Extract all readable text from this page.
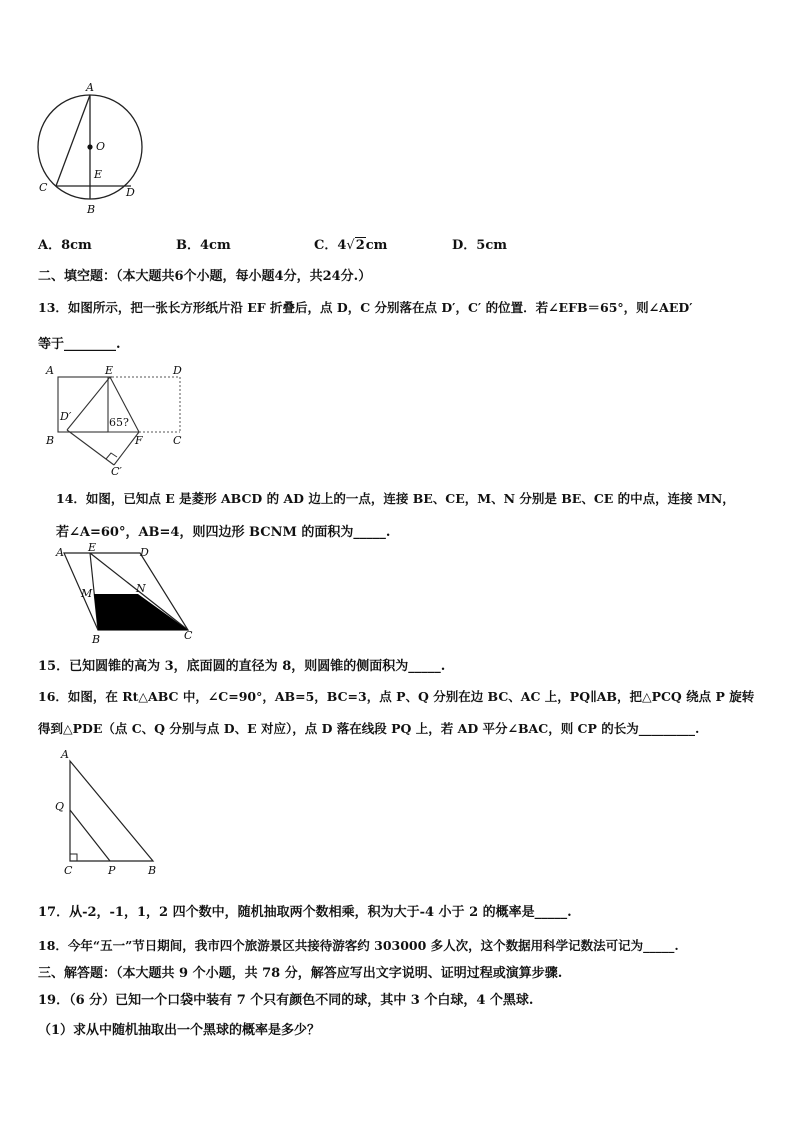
A
O
E
C	D
B
A．8cm	B．4cm	C．4√2cm	D．5cm
二、填空题：（本大题共6个小题，每小题4分，共24分.）
13．如图所示，把一张长方形纸片沿 EF 折叠后，点 D，C 分别落在点 D′，C′ 的位置．若∠EFB＝65°，则∠AED′
等于________.
A	E	D
D′	65?
B	F	C
C′
14．如图，已知点 E 是菱形 ABCD 的 AD 边上的一点，连接 BE、CE，M、N 分别是 BE、CE 的中点，连接 MN，
若∠A=60°，AB=4，则四边形 BCNM 的面积为_____.
A E	D
M	N
B	C
15．已知圆锥的高为 3，底面圆的直径为 8，则圆锥的侧面积为_____.
16．如图，在 Rt△ABC 中，∠C=90°，AB=5，BC=3，点 P、Q 分别在边 BC、AC 上，PQ∥AB，把△PCQ 绕点 P 旋转
得到△PDE（点 C、Q 分别与点 D、E 对应），点 D 落在线段 PQ 上，若 AD 平分∠BAC，则 CP 的长为_________.
A
Q
C	P	B
17．从-2，-1，1，2 四个数中，随机抽取两个数相乘，积为大于-4 小于 2 的概率是_____.
18．今年“五一”节日期间，我市四个旅游景区共接待游客约 303000 多人次，这个数据用科学记数法可记为_____.
三、解答题：（本大题共 9 个小题，共 78 分，解答应写出文字说明、证明过程或演算步骤.
19．（6 分）已知一个口袋中装有 7 个只有颜色不同的球，其中 3 个白球，4 个黑球.
（1）求从中随机抽取出一个黑球的概率是多少？
